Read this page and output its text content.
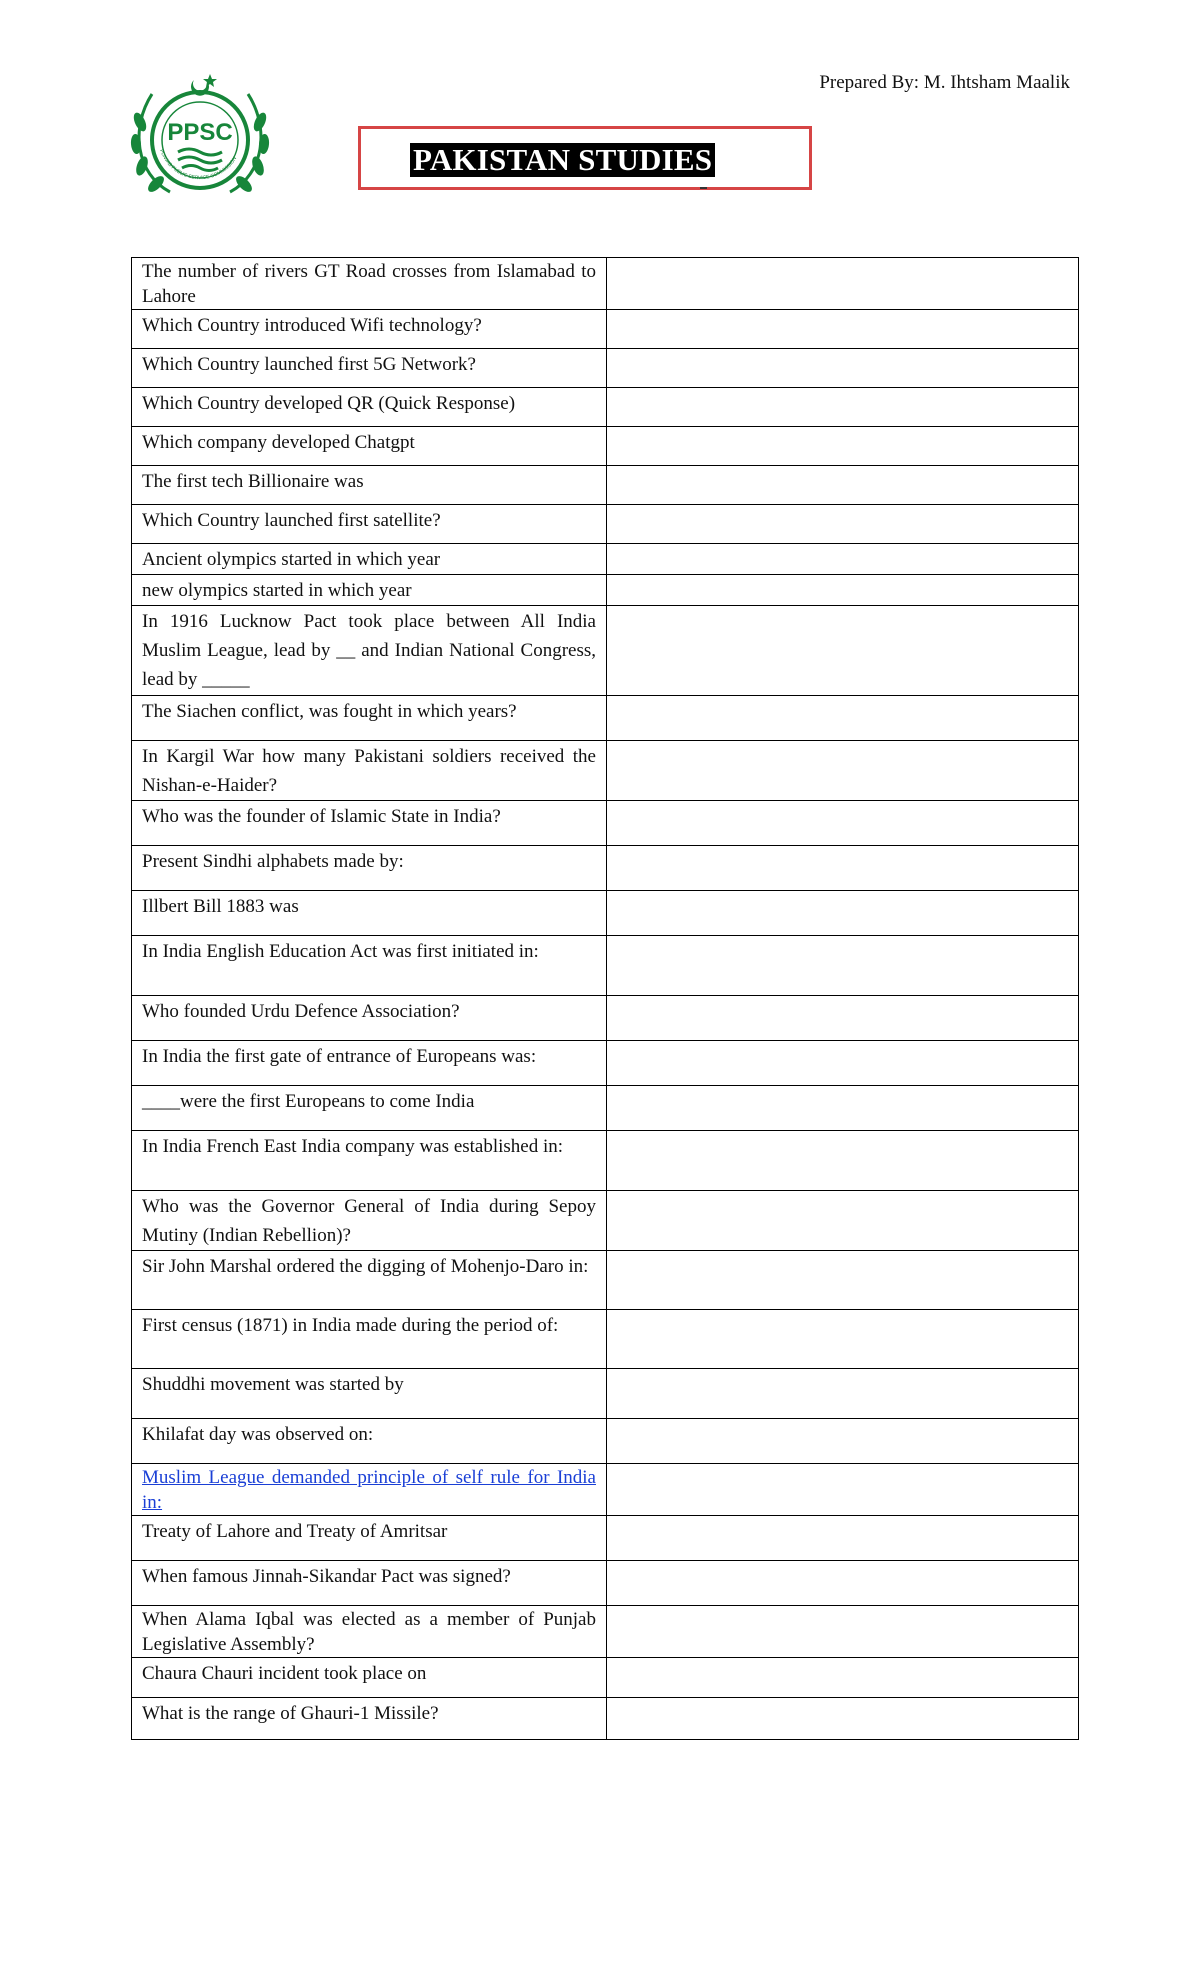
Prepared By: M. Ihtsham Maalik
PPSC
PUNJAB PUBLIC SERVICE COMMISSION	PAKISTAN STUDIES
The number of rivers GT Road crosses from Islamabad to Lahore	
Which Country introduced Wifi technology?	
Which Country launched first 5G Network?	
Which Country developed QR (Quick Response)	
Which company developed Chatgpt	
The first tech Billionaire was	
Which Country launched first satellite?	
Ancient olympics started in which year	
new olympics started in which year	
In 1916 Lucknow Pact took place between All India Muslim League, lead by __ and Indian National Congress, lead by _____	
The Siachen conflict, was fought in which years?	
In Kargil War how many Pakistani soldiers received the Nishan-e-Haider?	
Who was the founder of Islamic State in India?	
Present Sindhi alphabets made by:	
Illbert Bill 1883 was	
In India English Education Act was first initiated in:	
Who founded Urdu Defence Association?	
In India the first gate of entrance of Europeans was:	
____were the first Europeans to come India	
In India French East India company was established in:	
Who was the Governor General of India during Sepoy Mutiny (Indian Rebellion)?	
Sir John Marshal ordered the digging of Mohenjo-Daro in:	
First census (1871) in India made during the period of:	
Shuddhi movement was started by	
Khilafat day was observed on:	
Muslim League demanded principle of self rule for India in:	
Treaty of Lahore and Treaty of Amritsar	
When famous Jinnah-Sikandar Pact was signed?	
When Alama Iqbal was elected as a member of Punjab Legislative Assembly?	
Chaura Chauri incident took place on	
What is the range of Ghauri-1 Missile?	
